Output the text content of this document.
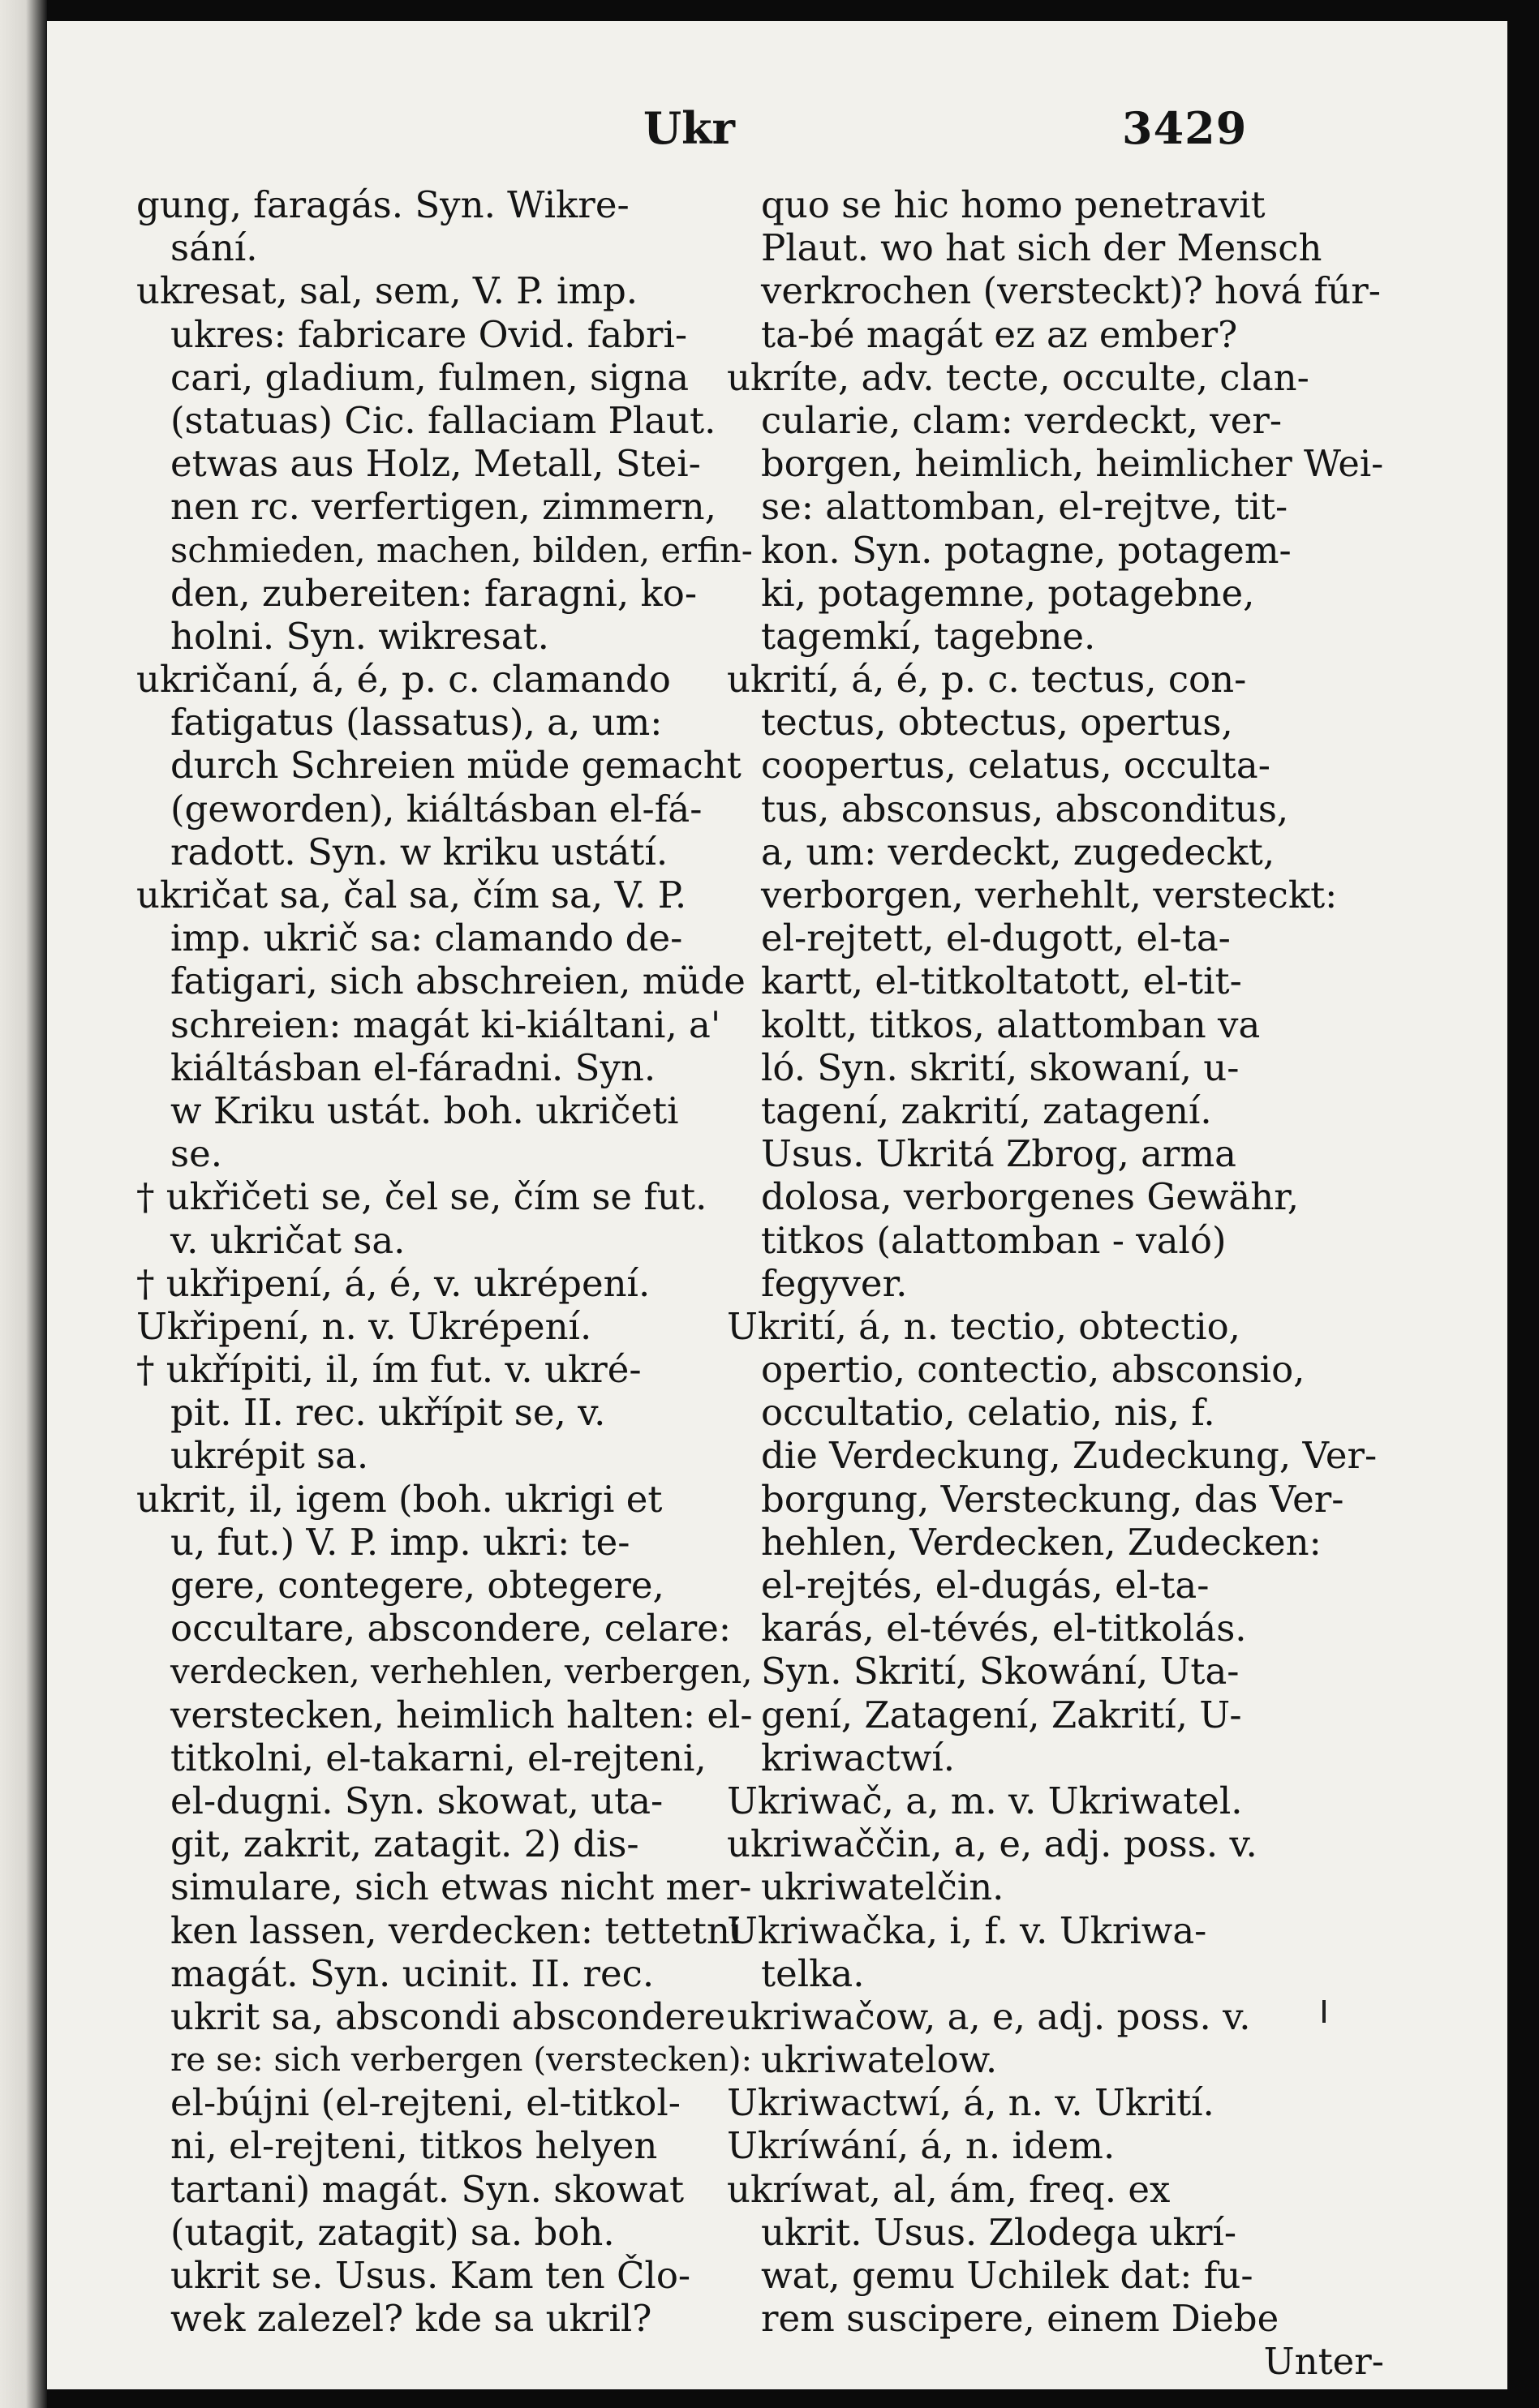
Ukr	3429
gung, faragás. Syn. Wikre-
sání.
ukresat, sal, sem, V. P. imp.
ukres: fabricare Ovid. fabri-
cari, gladium, fulmen, signa
(statuas) Cic. fallaciam Plaut.
etwas aus Holz, Metall, Stei-
nen rc. verfertigen, zimmern,
schmieden, machen, bilden, erfin-
den, zubereiten: faragni, ko-
holni. Syn. wikresat.
ukričaní, á, é, p. c. clamando
fatigatus (lassatus), a, um:
durch Schreien müde gemacht
(geworden), kiáltásban el-fá-
radott. Syn. w kriku ustátí.
ukričat sa, čal sa, čím sa, V. P.
imp. ukrič sa: clamando de-
fatigari, sich abschreien, müde
schreien: magát ki-kiáltani, a'
kiáltásban el-fáradni. Syn.
w Kriku ustát. boh. ukričeti
se.
† ukřičeti se, čel se, čím se fut.
v. ukričat sa.
† ukřipení, á, é, v. ukrépení.
Ukřipení, n. v. Ukrépení.
† ukřípiti, il, ím fut. v. ukré-
pit. II. rec. ukřípit se, v.
ukrépit sa.
ukrit, il, igem (boh. ukrigi et
u, fut.) V. P. imp. ukri: te-
gere, contegere, obtegere,
occultare, abscondere, celare:
verdecken, verhehlen, verbergen,
verstecken, heimlich halten: el-
titkolni, el-takarni, el-rejteni,
el-dugni. Syn. skowat, uta-
git, zakrit, zatagit. 2) dis-
simulare, sich etwas nicht mer-
ken lassen, verdecken: tettetni
magát. Syn. ucinit. II. rec.
ukrit sa, abscondi abscondere
re se: sich verbergen (verstecken):
el-bújni (el-rejteni, el-titkol-
ni, el-rejteni, titkos helyen
tartani) magát. Syn. skowat
(utagit, zatagit) sa. boh.
ukrit se. Usus. Kam ten Člo-
wek zalezel? kde sa ukril?
quo se hic homo penetravit
Plaut. wo hat sich der Mensch
verkrochen (versteckt)? hová fúr-
ta-bé magát ez az ember?
ukríte, adv. tecte, occulte, clan-
cularie, clam: verdeckt, ver-
borgen, heimlich, heimlicher Wei-
se: alattomban, el-rejtve, tit-
kon. Syn. potagne, potagem-
ki, potagemne, potagebne,
tagemkí, tagebne.
ukrití, á, é, p. c. tectus, con-
tectus, obtectus, opertus,
coopertus, celatus, occulta-
tus, absconsus, absconditus,
a, um: verdeckt, zugedeckt,
verborgen, verhehlt, versteckt:
el-rejtett, el-dugott, el-ta-
kartt, el-titkoltatott, el-tit-
koltt, titkos, alattomban va
ló. Syn. skrití, skowaní, u-
tagení, zakrití, zatagení.
Usus. Ukritá Zbrog, arma
dolosa, verborgenes Gewähr,
titkos (alattomban - való)
fegyver.
Ukrití, á, n. tectio, obtectio,
opertio, contectio, absconsio,
occultatio, celatio, nis, f.
die Verdeckung, Zudeckung, Ver-
borgung, Versteckung, das Ver-
hehlen, Verdecken, Zudecken:
el-rejtés, el-dugás, el-ta-
karás, el-tévés, el-titkolás.
Syn. Skrití, Skowání, Uta-
gení, Zatagení, Zakrití, U-
kriwactwí.
Ukriwač, a, m. v. Ukriwatel.
ukriwaččin, a, e, adj. poss. v.
ukriwatelčin.
Ukriwačka, i, f. v. Ukriwa-
telka.
ukriwačow, a, e, adj. poss. v.
ukriwatelow.
Ukriwactwí, á, n. v. Ukrití.
Ukríwání, á, n. idem.
ukríwat, al, ám, freq. ex
ukrit. Usus. Zlodega ukrí-
wat, gemu Uchilek dat: fu-
rem suscipere, einem Diebe
Unter-
